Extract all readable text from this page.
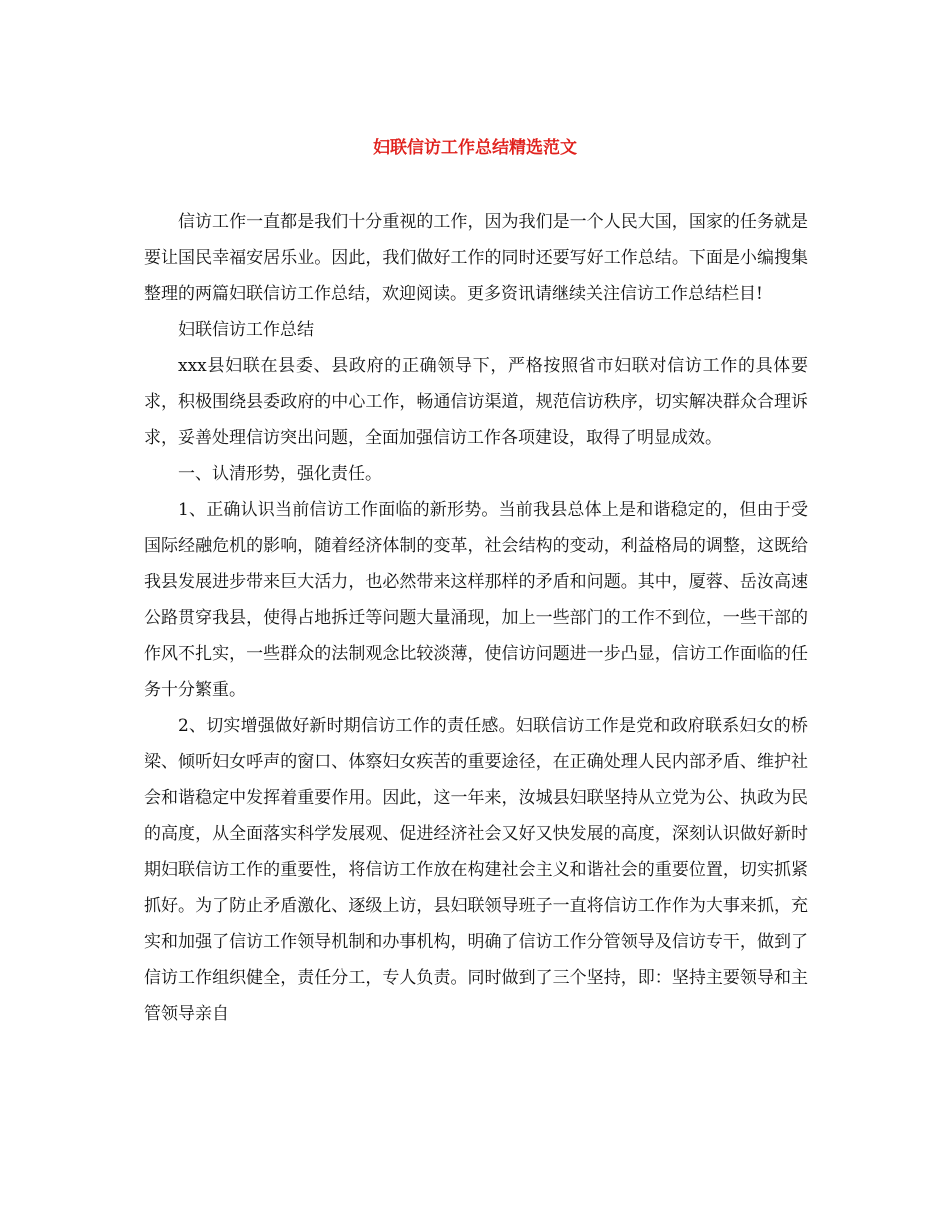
妇联信访工作总结精选范文

信访工作一直都是我们十分重视的工作，因为我们是一个人民大国，国家的任务就是要让国民幸福安居乐业。因此，我们做好工作的同时还要写好工作总结。下面是小编搜集整理的两篇妇联信访工作总结，欢迎阅读。更多资讯请继续关注信访工作总结栏目!

妇联信访工作总结

xxx县妇联在县委、县政府的正确领导下，严格按照省市妇联对信访工作的具体要求，积极围绕县委政府的中心工作，畅通信访渠道，规范信访秩序，切实解决群众合理诉求，妥善处理信访突出问题，全面加强信访工作各项建设，取得了明显成效。

一、认清形势，强化责任。

1、正确认识当前信访工作面临的新形势。当前我县总体上是和谐稳定的，但由于受国际经融危机的影响，随着经济体制的变革，社会结构的变动，利益格局的调整，这既给我县发展进步带来巨大活力，也必然带来这样那样的矛盾和问题。其中，厦蓉、岳汝高速公路贯穿我县，使得占地拆迁等问题大量涌现，加上一些部门的工作不到位，一些干部的作风不扎实，一些群众的法制观念比较淡薄，使信访问题进一步凸显，信访工作面临的任务十分繁重。

2、切实增强做好新时期信访工作的责任感。妇联信访工作是党和政府联系妇女的桥梁、倾听妇女呼声的窗口、体察妇女疾苦的重要途径，在正确处理人民内部矛盾、维护社会和谐稳定中发挥着重要作用。因此，这一年来，汝城县妇联坚持从立党为公、执政为民的高度，从全面落实科学发展观、促进经济社会又好又快发展的高度，深刻认识做好新时期妇联信访工作的重要性，将信访工作放在构建社会主义和谐社会的重要位置，切实抓紧抓好。为了防止矛盾激化、逐级上访，县妇联领导班子一直将信访工作作为大事来抓，充实和加强了信访工作领导机制和办事机构，明确了信访工作分管领导及信访专干，做到了信访工作组织健全，责任分工，专人负责。同时做到了三个坚持，即：坚持主要领导和主管领导亲自
